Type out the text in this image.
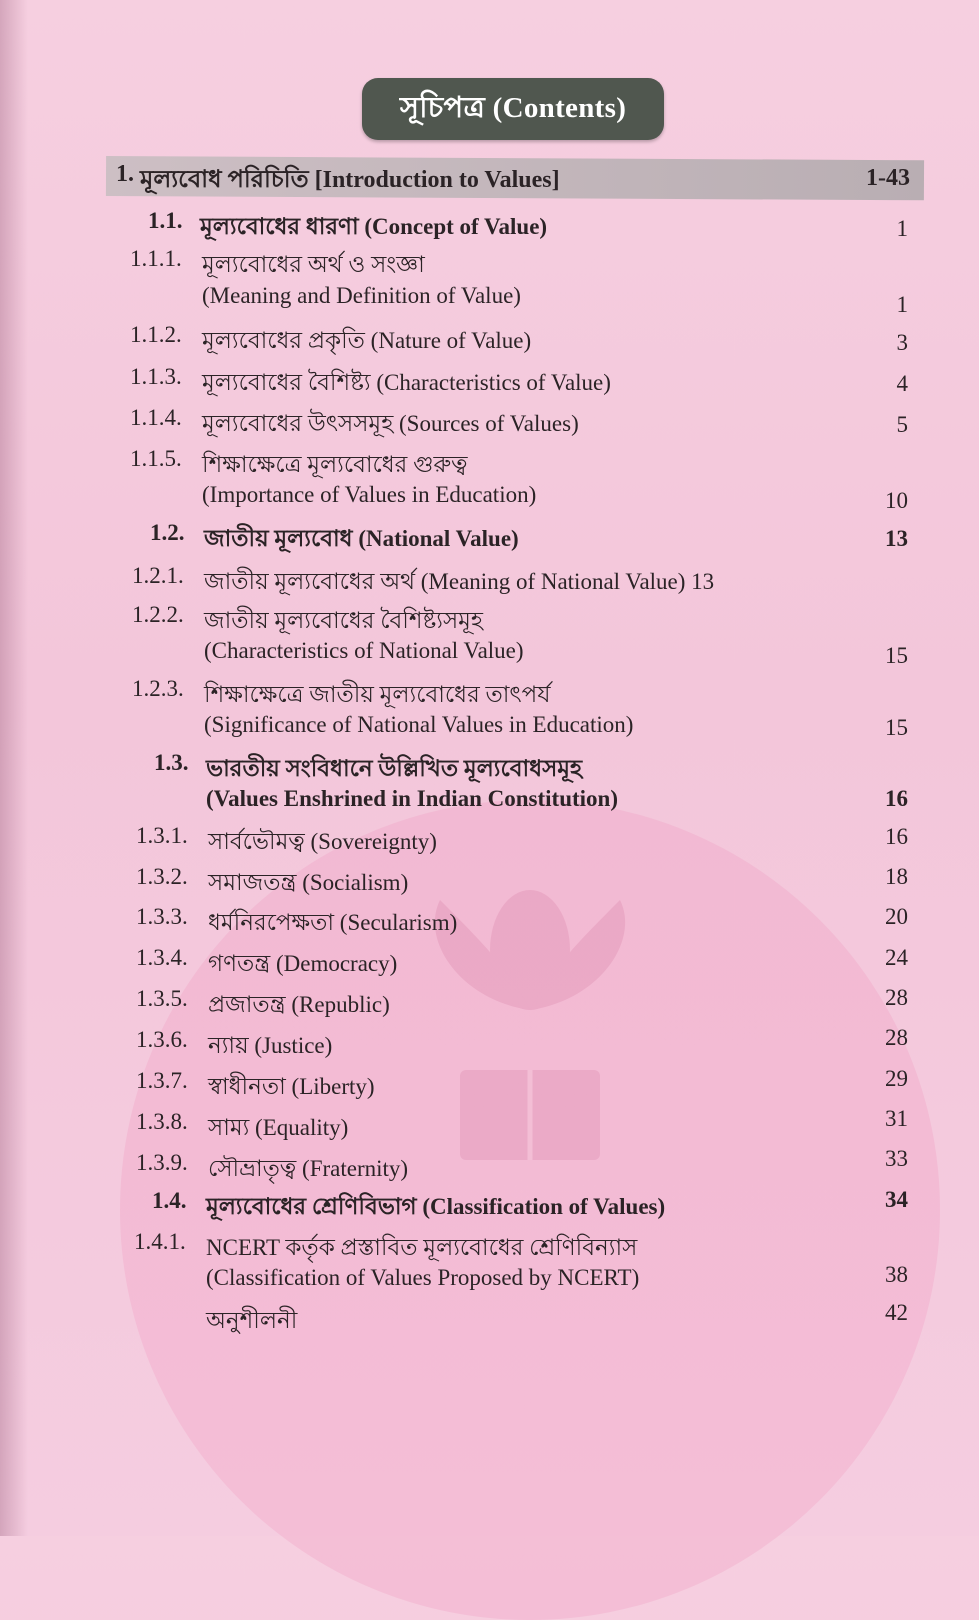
সূচিপত্র (Contents)
1. মূল্যবোধ পরিচিতি [Introduction to Values]	1-43
1.1. মূল্যবোধের ধারণা (Concept of Value)	1
1.1.1. মূল্যবোধের অর্থ ও সংজ্ঞা
(Meaning and Definition of Value)	1
1.1.2. মূল্যবোধের প্রকৃতি (Nature of Value)	3
1.1.3. মূল্যবোধের বৈশিষ্ট্য (Characteristics of Value)	4
1.1.4. মূল্যবোধের উৎসসমূহ (Sources of Values)	5
1.1.5. শিক্ষাক্ষেত্রে মূল্যবোধের গুরুত্ব
(Importance of Values in Education)	10
1.2. জাতীয় মূল্যবোধ (National Value)	13
1.2.1. জাতীয় মূল্যবোধের অর্থ (Meaning of National Value) 13
1.2.2. জাতীয় মূল্যবোধের বৈশিষ্ট্যসমূহ
(Characteristics of National Value)	15
1.2.3. শিক্ষাক্ষেত্রে জাতীয় মূল্যবোধের তাৎপর্য
(Significance of National Values in Education)	15
1.3. ভারতীয় সংবিধানে উল্লিখিত মূল্যবোধসমূহ
(Values Enshrined in Indian Constitution)	16
1.3.1. সার্বভৌমত্ব (Sovereignty)	16
1.3.2. সমাজতন্ত্র (Socialism)	18
1.3.3. ধর্মনিরপেক্ষতা (Secularism)	20
1.3.4. গণতন্ত্র (Democracy)	24
1.3.5. প্রজাতন্ত্র (Republic)	28
1.3.6. ন্যায় (Justice)	28
1.3.7. স্বাধীনতা (Liberty)	29
1.3.8. সাম্য (Equality)	31
1.3.9. সৌভ্রাতৃত্ব (Fraternity)	33
1.4. মূল্যবোধের শ্রেণিবিভাগ (Classification of Values)	34
1.4.1. NCERT কর্তৃক প্রস্তাবিত মূল্যবোধের শ্রেণিবিন্যাস
(Classification of Values Proposed by NCERT)	38
অনুশীলনী	42
